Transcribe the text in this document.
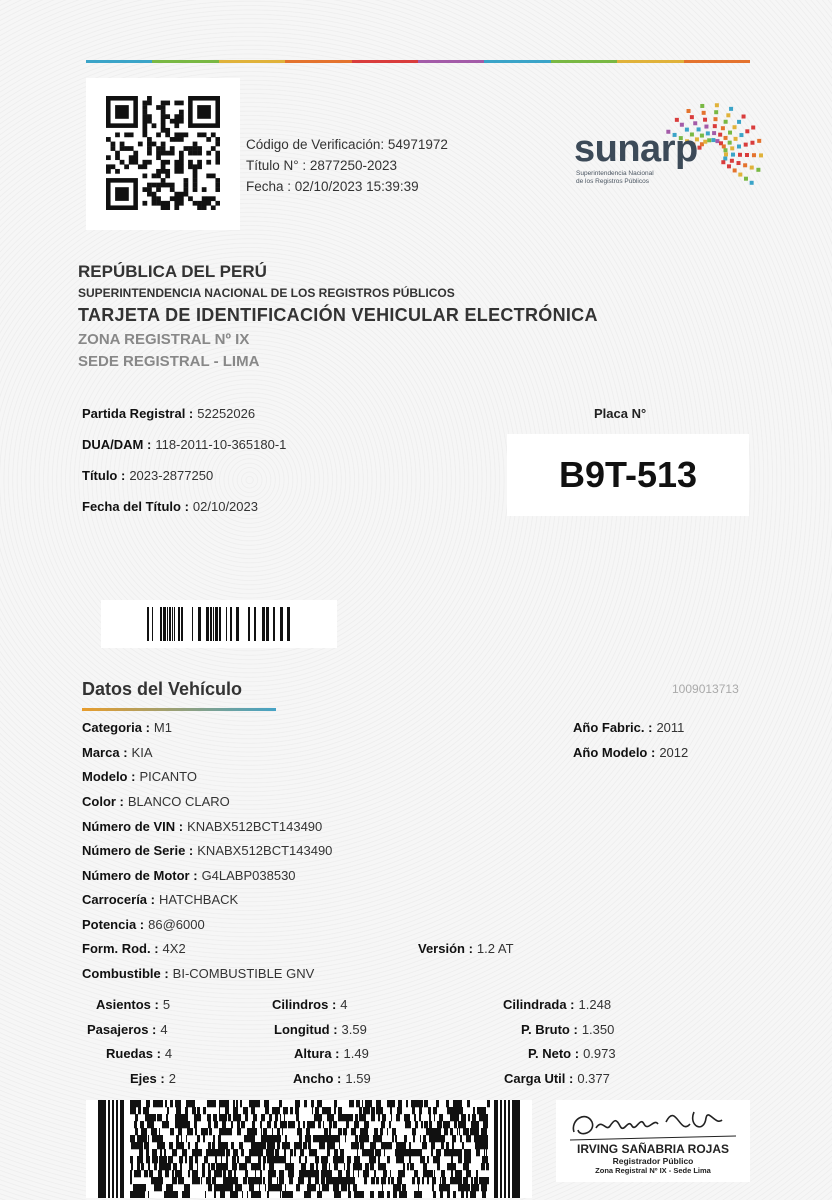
Código de Verificación: 54971972
Título N° : 2877250-2023
Fecha : 02/10/2023 15:39:39
sunarp
Superintendencia Nacional
de los Registros Públicos
REPÚBLICA DEL PERÚ
SUPERINTENDENCIA NACIONAL DE LOS REGISTROS PÚBLICOS
TARJETA DE IDENTIFICACIÓN VEHICULAR ELECTRÓNICA
ZONA REGISTRAL Nº IX
SEDE REGISTRAL - LIMA
Partida Registral : 52252026
DUA/DAM : 118-2011-10-365180-1
Título : 2023-2877250
Fecha del Título : 02/10/2023
Placa N°
B9T-513
Datos del Vehículo	1009013713
Categoria : M1
Marca : KIA
Modelo : PICANTO
Color : BLANCO CLARO
Número de VIN : KNABX512BCT143490
Número de Serie : KNABX512BCT143490
Número de Motor : G4LABP038530
Carrocería : HATCHBACK
Potencia : 86@6000
Form. Rod. : 4X2	Versión : 1.2 AT
Combustible : BI-COMBUSTIBLE GNV
Año Fabric. : 2011
Año Modelo : 2012
Asientos : 5
Pasajeros : 4
Ruedas : 4
Ejes : 2
Cilindros : 4
Longitud : 3.59
Altura : 1.49
Ancho : 1.59
Cilindrada : 1.248
P. Bruto : 1.350
P. Neto : 0.973
Carga Util : 0.377
IRVING SAÑABRIA ROJAS
Registrador Público
Zona Registral Nº IX - Sede Lima
